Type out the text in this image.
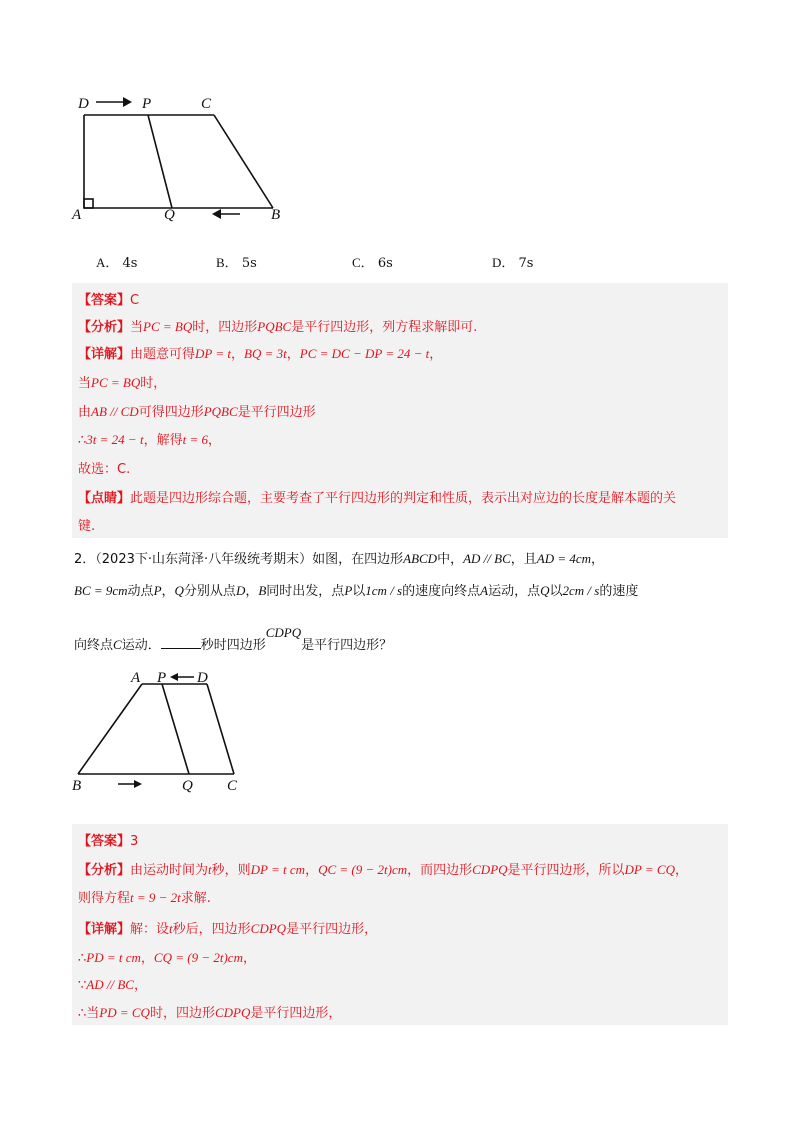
D	P	C
A	Q	B
A． 4s	B． 5s	C． 6s	D． 7s
【答案】C
【分析】当PC = BQ时，四边形PQBC是平行四边形，列方程求解即可.
【详解】由题意可得DP = t，BQ = 3t，PC = DC − DP = 24 − t，
当PC = BQ时，
由AB // CD可得四边形PQBC是平行四边形
∴3t = 24 − t，解得t = 6，
故选：C.
【点睛】此题是四边形综合题，主要考查了平行四边形的判定和性质，表示出对应边的长度是解本题的关
键.
2．（2023下·山东菏泽·八年级统考期末）如图，在四边形ABCD中，AD // BC，且AD = 4cm，
BC = 9cm动点P，Q分别从点D，B同时出发，点P以1cm / s的速度向终点A运动，点Q以2cm / s的速度
向终点C运动．	秒时四边形CDPQ是平行四边形？
A P D
B	Q C
【答案】3
【分析】由运动时间为t秒，则DP = t cm，QC = (9 − 2t)cm，而四边形CDPQ是平行四边形，所以DP = CQ，
则得方程t = 9 − 2t求解.
【详解】解：设t秒后，四边形CDPQ是平行四边形，
∴PD = t cm，CQ = (9 − 2t)cm，
∵AD // BC，
∴当PD = CQ时，四边形CDPQ是平行四边形，
